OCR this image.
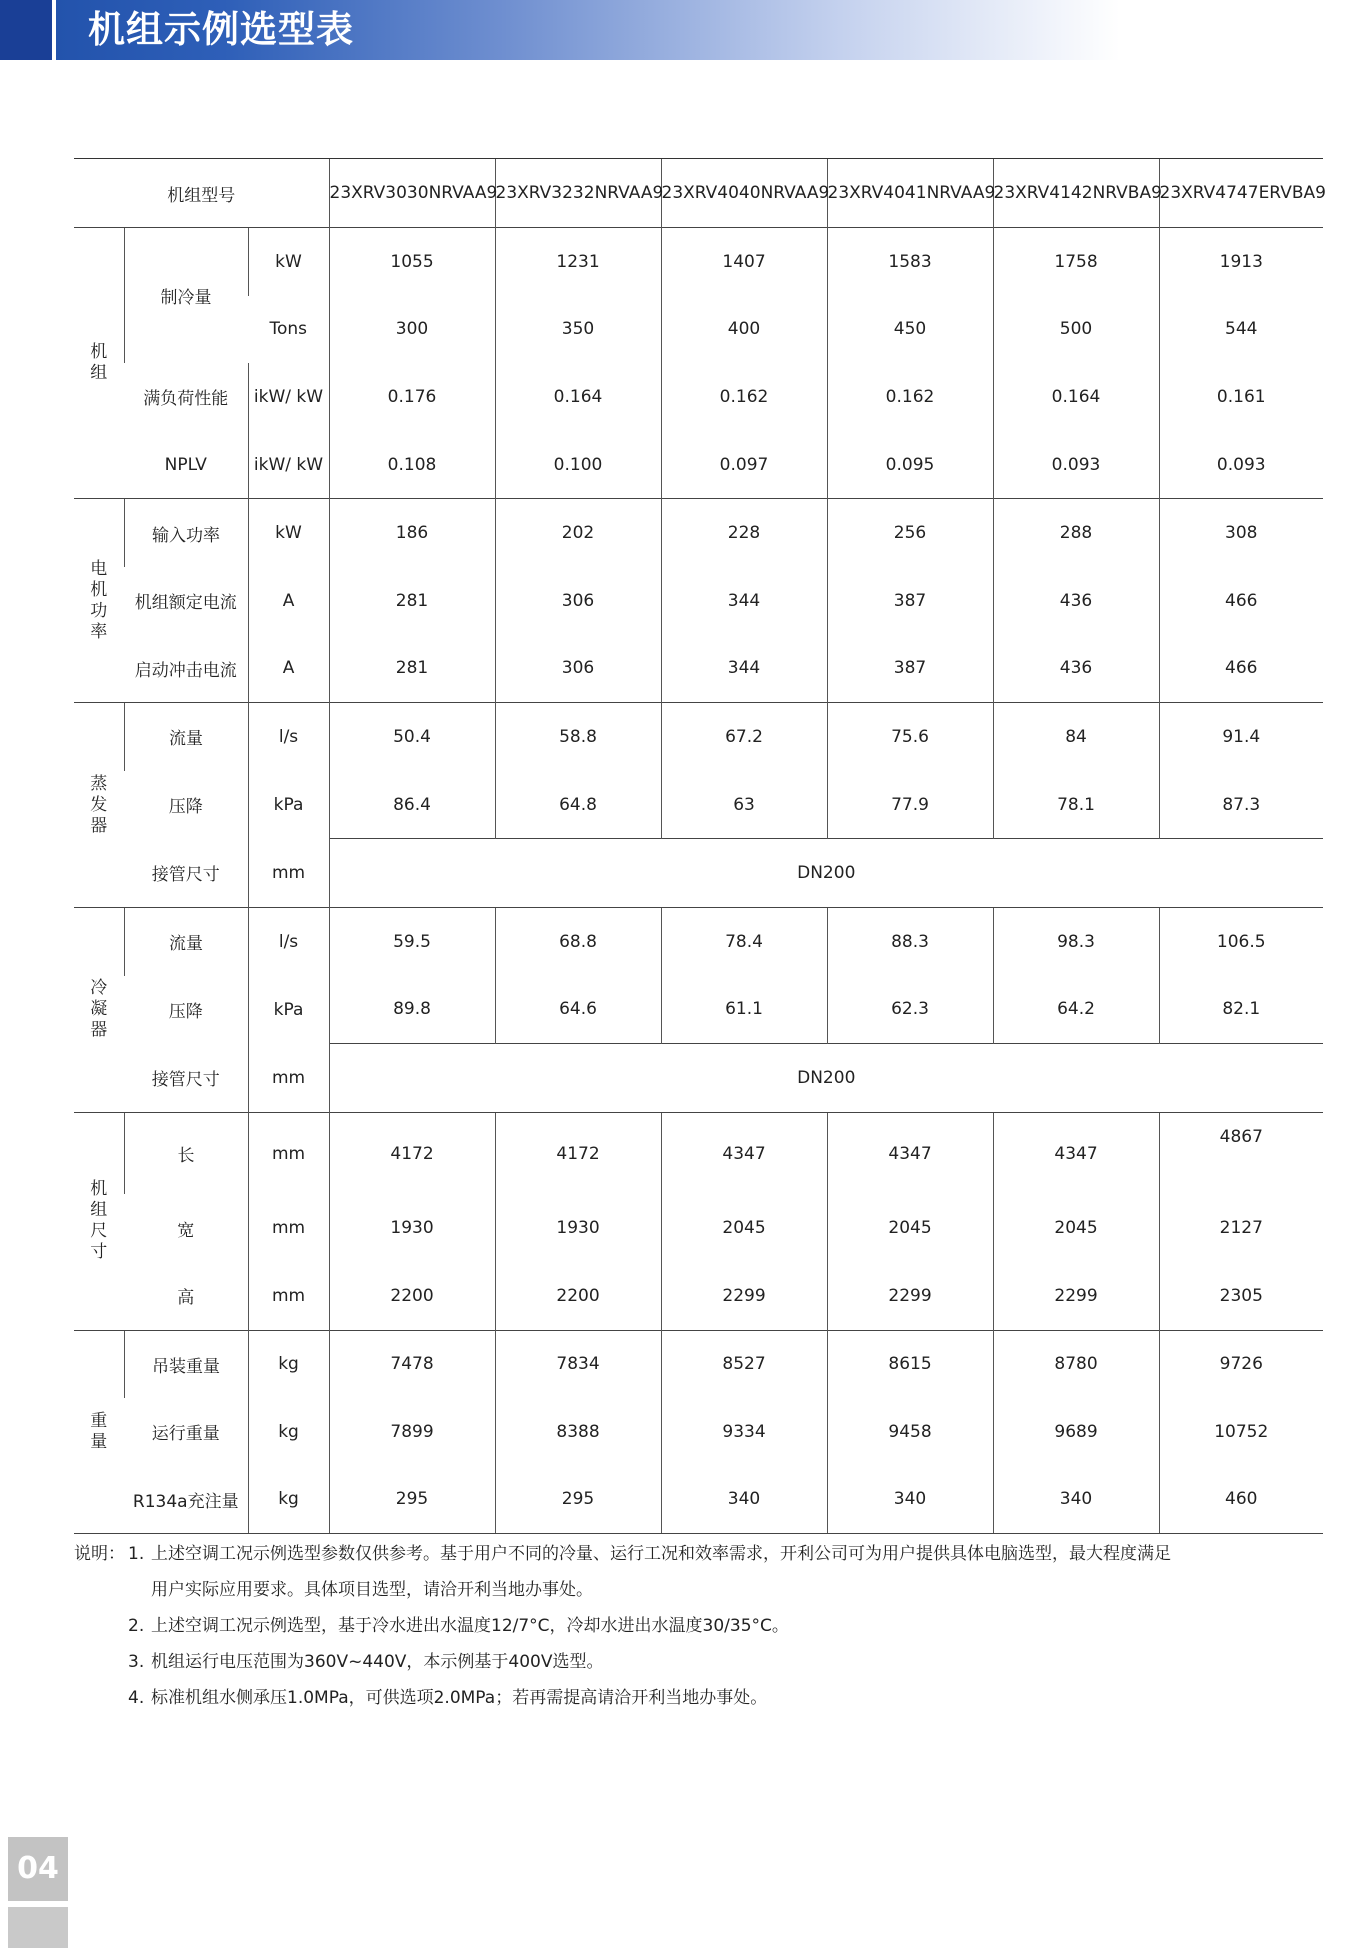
机组示例选型表
机组型号			23XRV3030NRVAA9	23XRV3232NRVAA9	23XRV4040NRVAA9	23XRV4041NRVAA9	23XRV4142NRVBA9	23XRV4747ERVBA9
机
组	制冷量	kW	1055	1231	1407	1583	1758	1913
		Tons	300	350	400	450	500	544
	满负荷性能	ikW/ kW	0.176	0.164	0.162	0.162	0.164	0.161
	NPLV	ikW/ kW	0.108	0.100	0.097	0.095	0.093	0.093
电
机
功
率	输入功率	kW	186	202	228	256	288	308
	机组额定电流	A	281	306	344	387	436	466
	启动冲击电流	A	281	306	344	387	436	466
蒸
发
器	流量	l/s	50.4	58.8	67.2	75.6	84	91.4
	压降	kPa	86.4	64.8	63	77.9	78.1	87.3
	接管尺寸	mm	DN200					
冷
凝
器	流量	l/s	59.5	68.8	78.4	88.3	98.3	106.5
	压降	kPa	89.8	64.6	61.1	62.3	64.2	82.1
	接管尺寸	mm	DN200					
机
组
尺
寸	长	mm	4172	4172	4347	4347	4347	4867
	宽	mm	1930	1930	2045	2045	2045	2127
	高	mm	2200	2200	2299	2299	2299	2305
重
量	吊装重量	kg	7478	7834	8527	8615	8780	9726
	运行重量	kg	7899	8388	9334	9458	9689	10752
	R134a充注量	kg	295	295	340	340	340	460
说明： 1. 上述空调工况示例选型参数仅供参考。基于用户不同的冷量、运行工况和效率需求，开利公司可为用户提供具体电脑选型，最大程度满足
用户实际应用要求。具体项目选型，请洽开利当地办事处。
2. 上述空调工况示例选型，基于冷水进出水温度12/7°C，冷却水进出水温度30/35°C。
3. 机组运行电压范围为360V~440V，本示例基于400V选型。
4. 标准机组水侧承压1.0MPa，可供选项2.0MPa；若再需提高请洽开利当地办事处。
04
